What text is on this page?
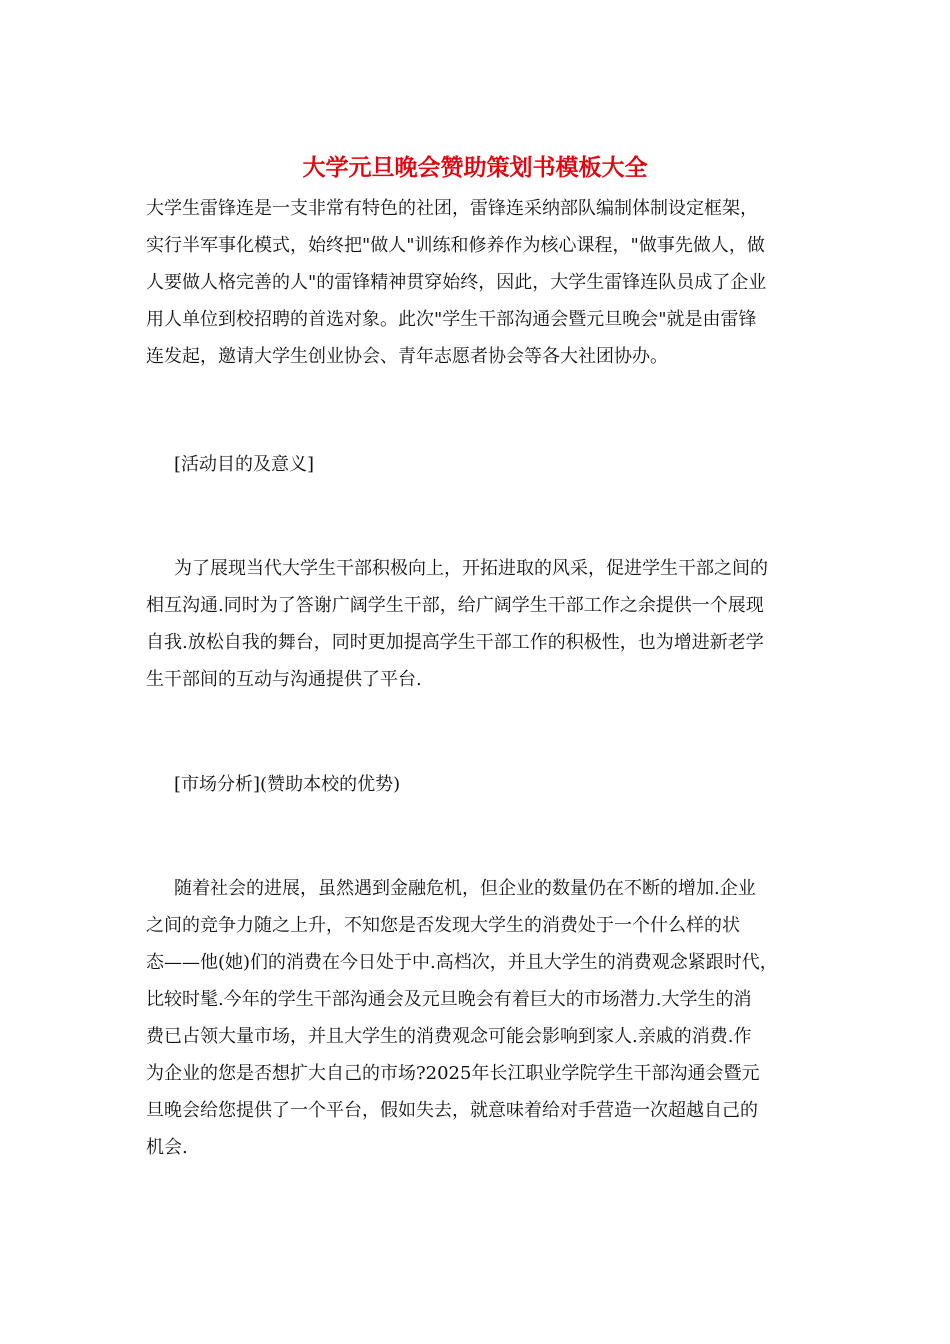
大学元旦晚会赞助策划书模板大全

大学生雷锋连是一支非常有特色的社团，雷锋连采纳部队编制体制设定框架，

实行半军事化模式，始终把"做人"训练和修养作为核心课程，"做事先做人，做

人要做人格完善的人"的雷锋精神贯穿始终，因此，大学生雷锋连队员成了企业

用人单位到校招聘的首选对象。此次"学生干部沟通会暨元旦晚会"就是由雷锋

连发起，邀请大学生创业协会、青年志愿者协会等各大社团协办。

[活动目的及意义]

为了展现当代大学生干部积极向上，开拓进取的风采，促进学生干部之间的

相互沟通.同时为了答谢广阔学生干部，给广阔学生干部工作之余提供一个展现

自我.放松自我的舞台，同时更加提高学生干部工作的积极性，也为增进新老学

生干部间的互动与沟通提供了平台.

[市场分析](赞助本校的优势)

随着社会的进展，虽然遇到金融危机，但企业的数量仍在不断的增加.企业

之间的竞争力随之上升，不知您是否发现大学生的消费处于一个什么样的状

态——他(她)们的消费在今日处于中.高档次，并且大学生的消费观念紧跟时代，

比较时髦.今年的学生干部沟通会及元旦晚会有着巨大的市场潜力.大学生的消

费已占领大量市场，并且大学生的消费观念可能会影响到家人.亲戚的消费.作

为企业的您是否想扩大自己的市场?2025年长江职业学院学生干部沟通会暨元

旦晚会给您提供了一个平台，假如失去，就意味着给对手营造一次超越自己的

机会.
